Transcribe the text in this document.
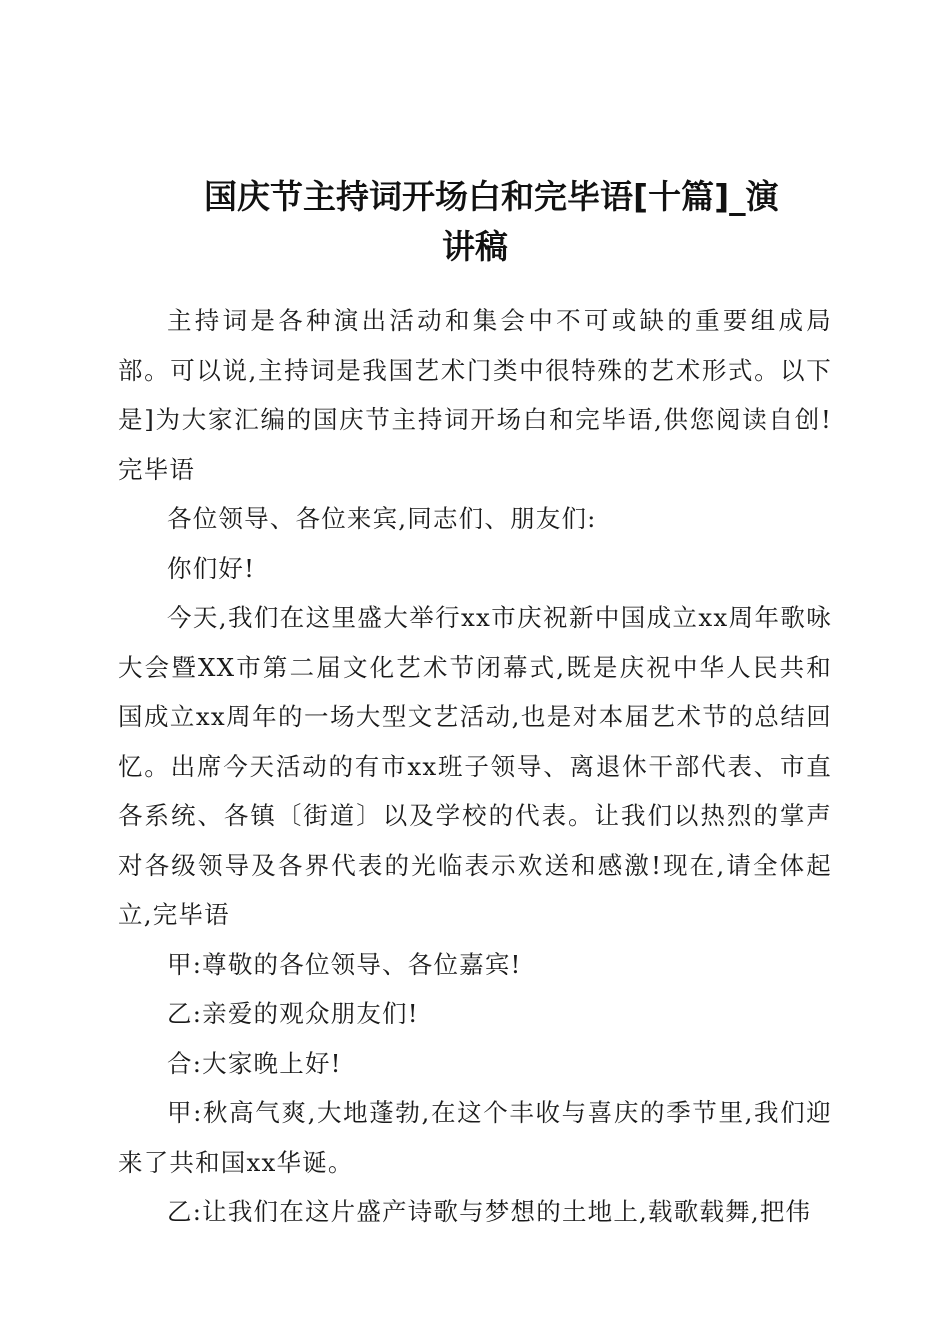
国庆节主持词开场白和完毕语[十篇]_演
讲稿

主持词是各种演出活动和集会中不可或缺的重要组成局部。可以说,主持词是我国艺术门类中很特殊的艺术形式。以下是]为大家汇编的国庆节主持词开场白和完毕语,供您阅读自创!完毕语

各位领导、各位来宾,同志们、朋友们:

你们好!

今天,我们在这里盛大举行xx市庆祝新中国成立xx周年歌咏大会暨XX市第二届文化艺术节闭幕式,既是庆祝中华人民共和国成立xx周年的一场大型文艺活动,也是对本届艺术节的总结回忆。出席今天活动的有市xx班子领导、离退休干部代表、市直各系统、各镇〔街道〕以及学校的代表。让我们以热烈的掌声对各级领导及各界代表的光临表示欢送和感激!现在,请全体起立,完毕语

甲:尊敬的各位领导、各位嘉宾!

乙:亲爱的观众朋友们!

合:大家晚上好!

甲:秋高气爽,大地蓬勃,在这个丰收与喜庆的季节里,我们迎来了共和国xx华诞。

乙:让我们在这片盛产诗歌与梦想的土地上,载歌载舞,把伟
